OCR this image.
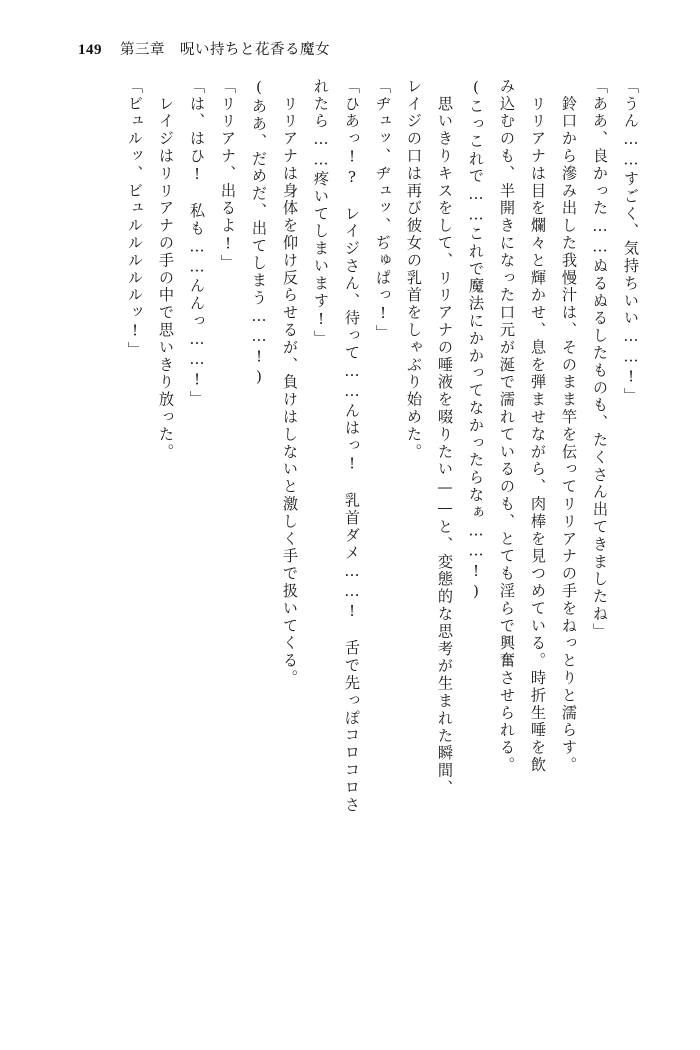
149 第三章　呪い持ちと花香る魔女
「うん……すごく、気持ちいい……!」
「ああ、良かった……ぬるぬるしたものも、たくさん出てきましたね」
　鈴口から滲み出した我慢汁は、そのまま竿を伝ってリリアナの手をねっとりと濡らす。
　リリアナは目を爛々と輝かせ、息を弾ませながら、肉棒を見つめている。時折生唾を飲
み込むのも、半開きになった口元が涎で濡れているのも、とても淫らで興奮させられる。
(こっこれで……これで魔法にかかってなかったらなぁ……!)
　思いきりキスをして、リリアナの唾液を啜りたい——と、変態的な思考が生まれた瞬間、
レイジの口は再び彼女の乳首をしゃぶり始めた。
「ヂュッ、ヂュッ、ぢゅぱっ!」
「ひあっ!?　レイジさん、待って……んはっ!　乳首ダメ……!　舌で先っぽコロコロさ
れたら……疼いてしまいます!」
　リリアナは身体を仰け反らせるが、負けはしないと激しく手で扱いてくる。
(ああ、だめだ、出てしまう……!)
「リリアナ、出るよ!」
「は、はひ!　私も……んんっ……!」
　レイジはリリアナの手の中で思いきり放った。
「ビュルッ、ビュルルルルルッ!」
